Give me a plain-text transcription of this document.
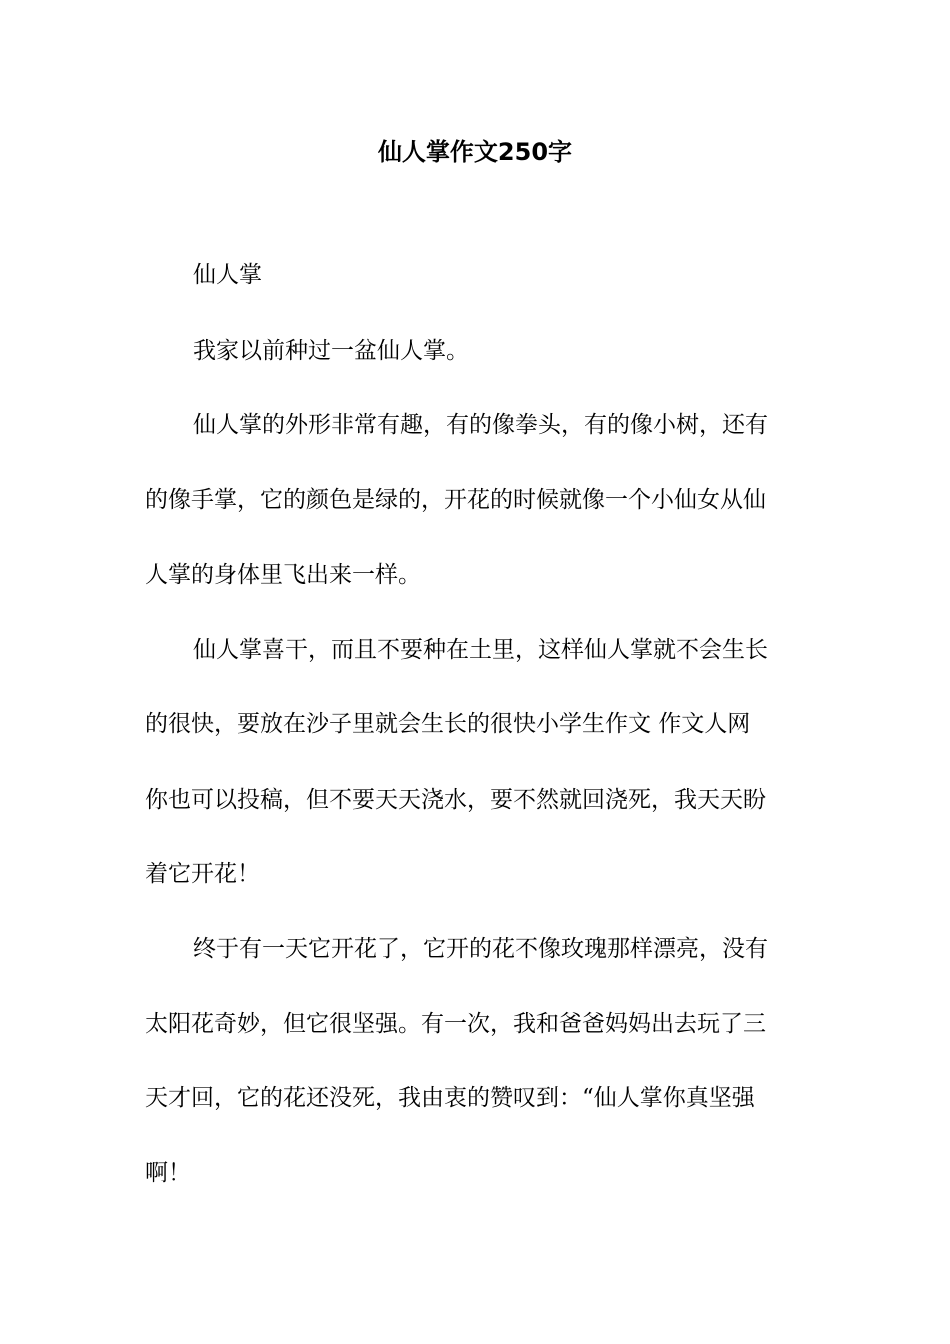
仙人掌作文250字

仙人掌

我家以前种过一盆仙人掌。

仙人掌的外形非常有趣，有的像拳头，有的像小树，还有

的像手掌，它的颜色是绿的，开花的时候就像一个小仙女从仙

人掌的身体里飞出来一样。

仙人掌喜干，而且不要种在土里，这样仙人掌就不会生长

的很快，要放在沙子里就会生长的很快小学生作文 作文人网

你也可以投稿，但不要天天浇水，要不然就回浇死，我天天盼

着它开花！

终于有一天它开花了，它开的花不像玫瑰那样漂亮，没有

太阳花奇妙，但它很坚强。有一次，我和爸爸妈妈出去玩了三

天才回，它的花还没死，我由衷的赞叹到：“仙人掌你真坚强

啊！
